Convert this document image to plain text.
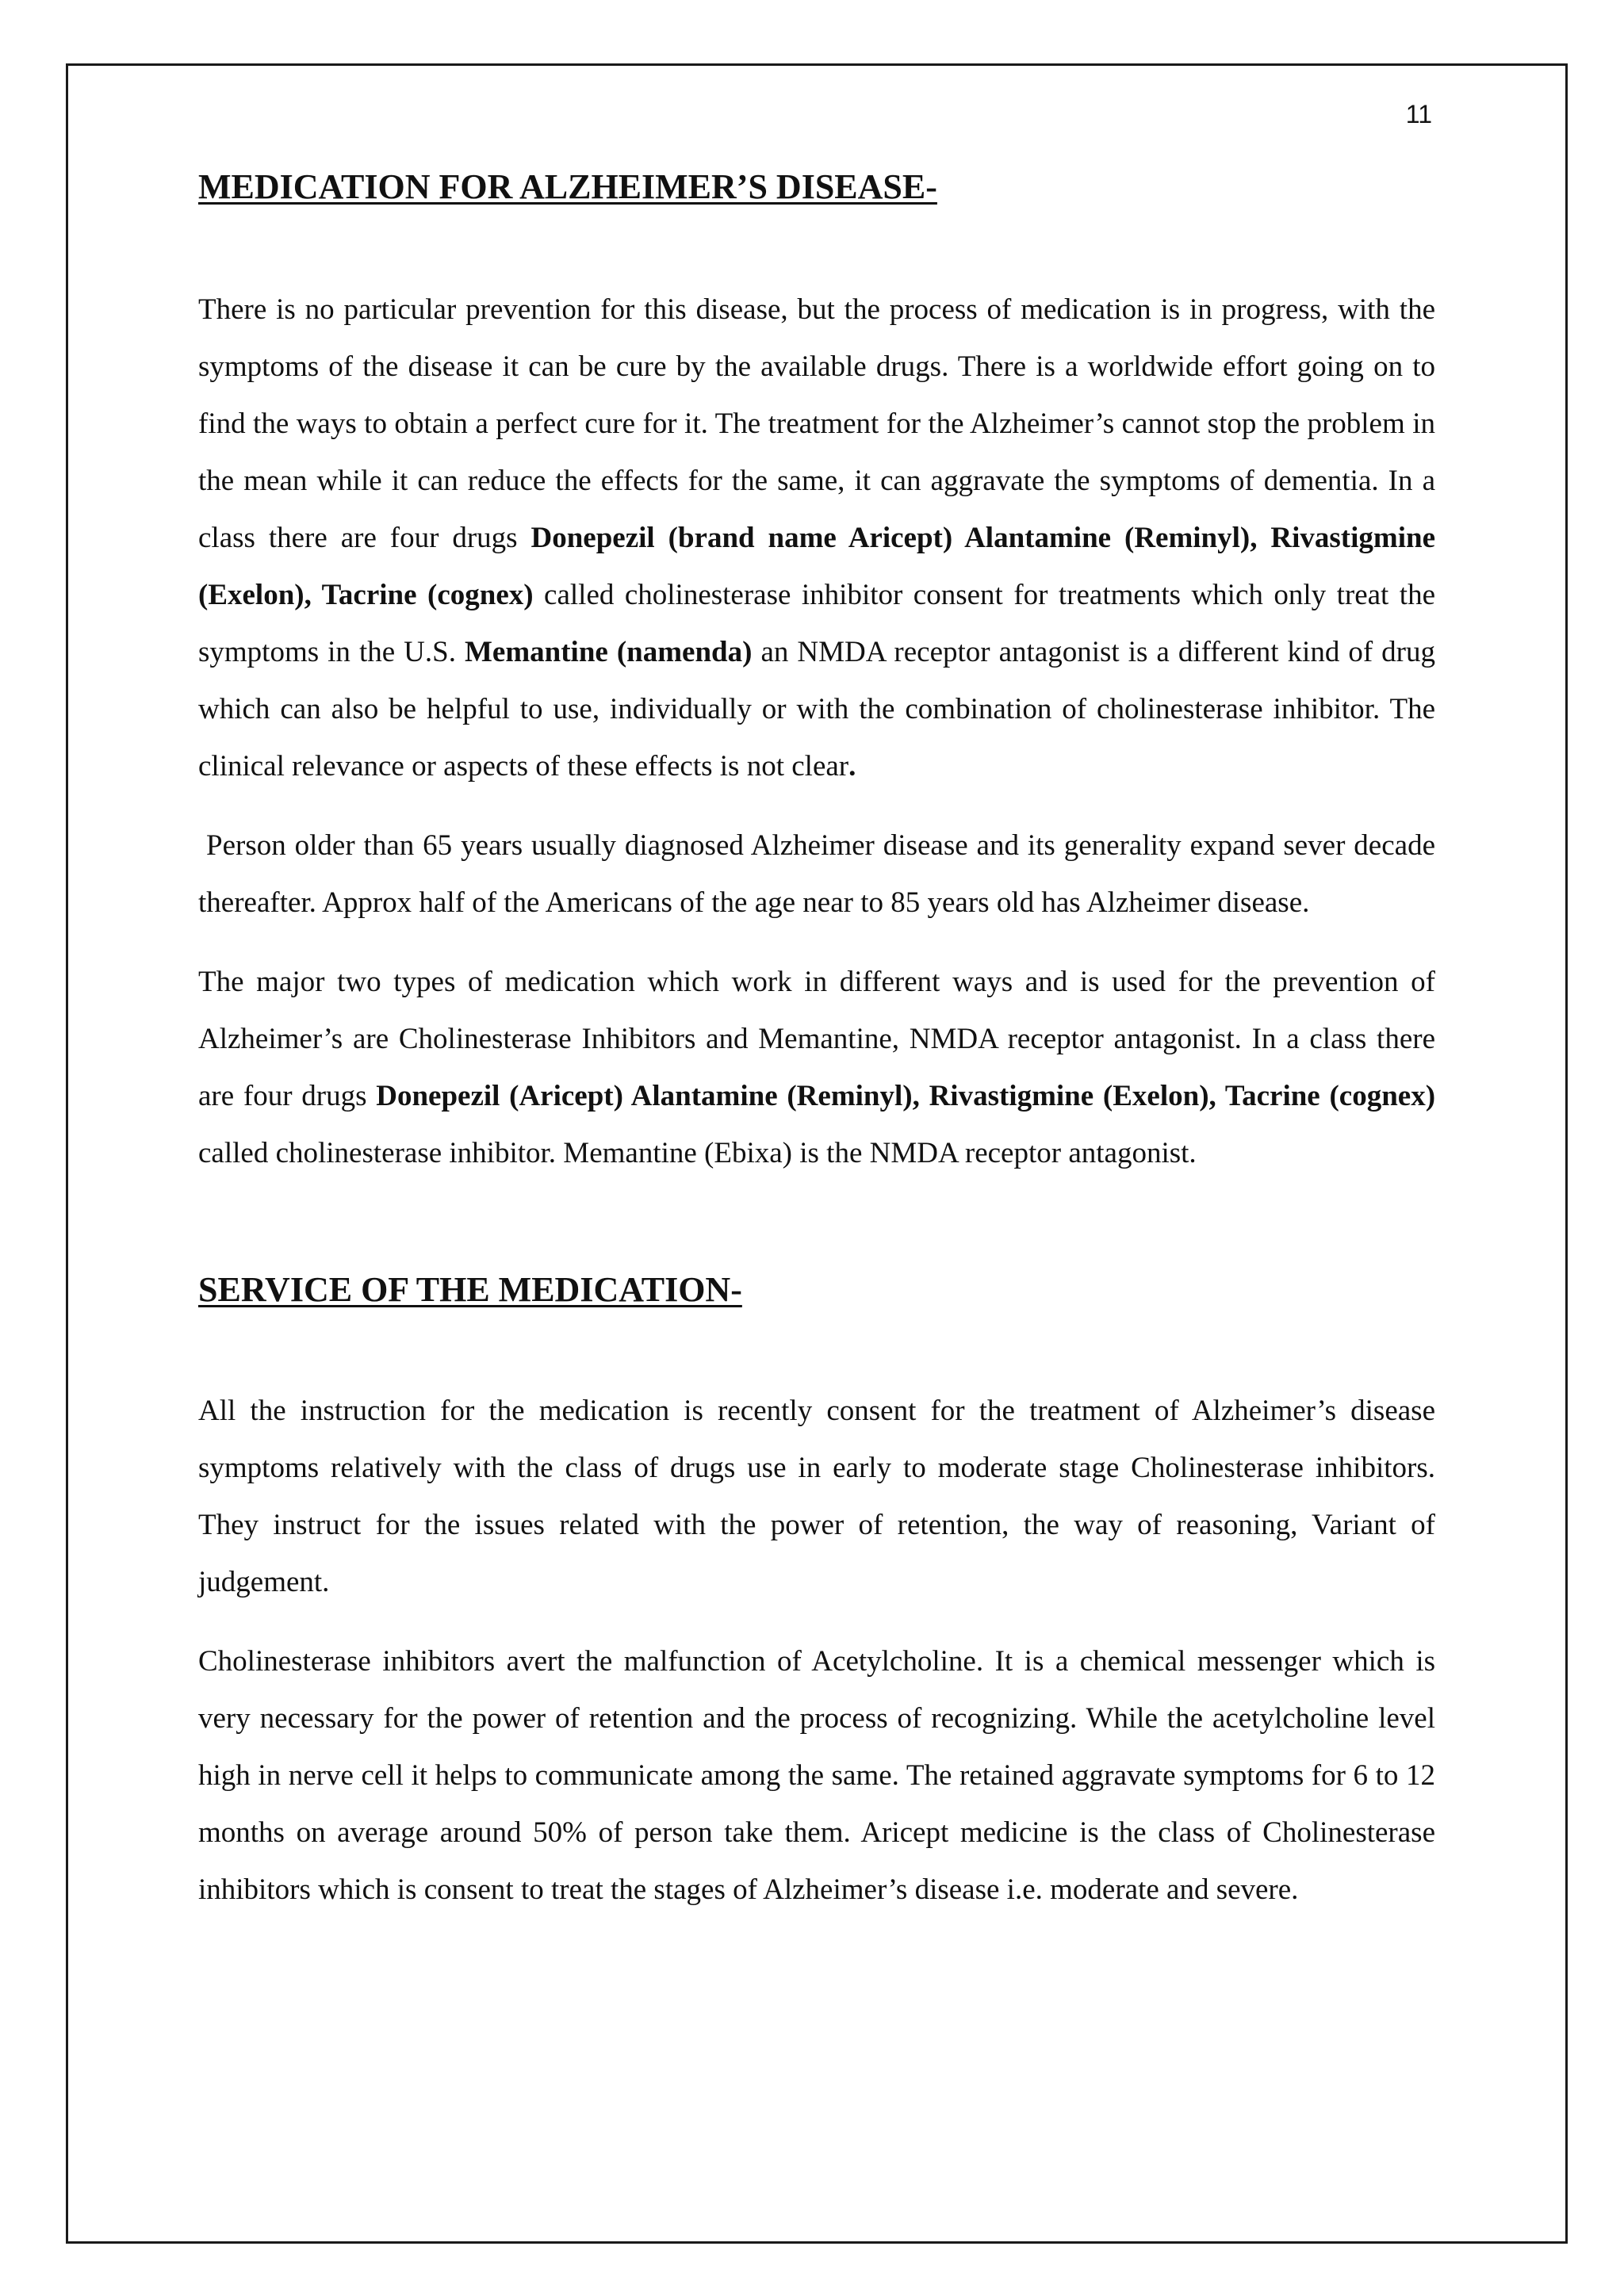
11
MEDICATION FOR ALZHEIMER’S DISEASE-

There is no particular prevention for this disease, but the process of medication is in progress, with the symptoms of the disease it can be cure by the available drugs. There is a worldwide effort going on to find the ways to obtain a perfect cure for it. The treatment for the Alzheimer’s cannot stop the problem in the mean while it can reduce the effects for the same, it can aggravate the symptoms of dementia. In a class there are four drugs Donepezil (brand name Aricept) Alantamine (Reminyl), Rivastigmine (Exelon), Tacrine (cognex) called cholinesterase inhibitor consent for treatments which only treat the symptoms in the U.S. Memantine (namenda) an NMDA receptor antagonist is a different kind of drug which can also be helpful to use, individually or with the combination of cholinesterase inhibitor. The clinical relevance or aspects of these effects is not clear.

Person older than 65 years usually diagnosed Alzheimer disease and its generality expand sever decade thereafter. Approx half of the Americans of the age near to 85 years old has Alzheimer disease.

The major two types of medication which work in different ways and is used for the prevention of Alzheimer’s are Cholinesterase Inhibitors and Memantine, NMDA receptor antagonist. In a class there are four drugs Donepezil (Aricept) Alantamine (Reminyl), Rivastigmine (Exelon), Tacrine (cognex) called cholinesterase inhibitor. Memantine (Ebixa) is the NMDA receptor antagonist.

SERVICE OF THE MEDICATION-

All the instruction for the medication is recently consent for the treatment of Alzheimer’s disease symptoms relatively with the class of drugs use in early to moderate stage Cholinesterase inhibitors. They instruct for the issues related with the power of retention, the way of reasoning, Variant of judgement.

Cholinesterase inhibitors avert the malfunction of Acetylcholine. It is a chemical messenger which is very necessary for the power of retention and the process of recognizing. While the acetylcholine level high in nerve cell it helps to communicate among the same. The retained aggravate symptoms for 6 to 12 months on average around 50% of person take them. Aricept medicine is the class of Cholinesterase inhibitors which is consent to treat the stages of Alzheimer’s disease i.e. moderate and severe.
